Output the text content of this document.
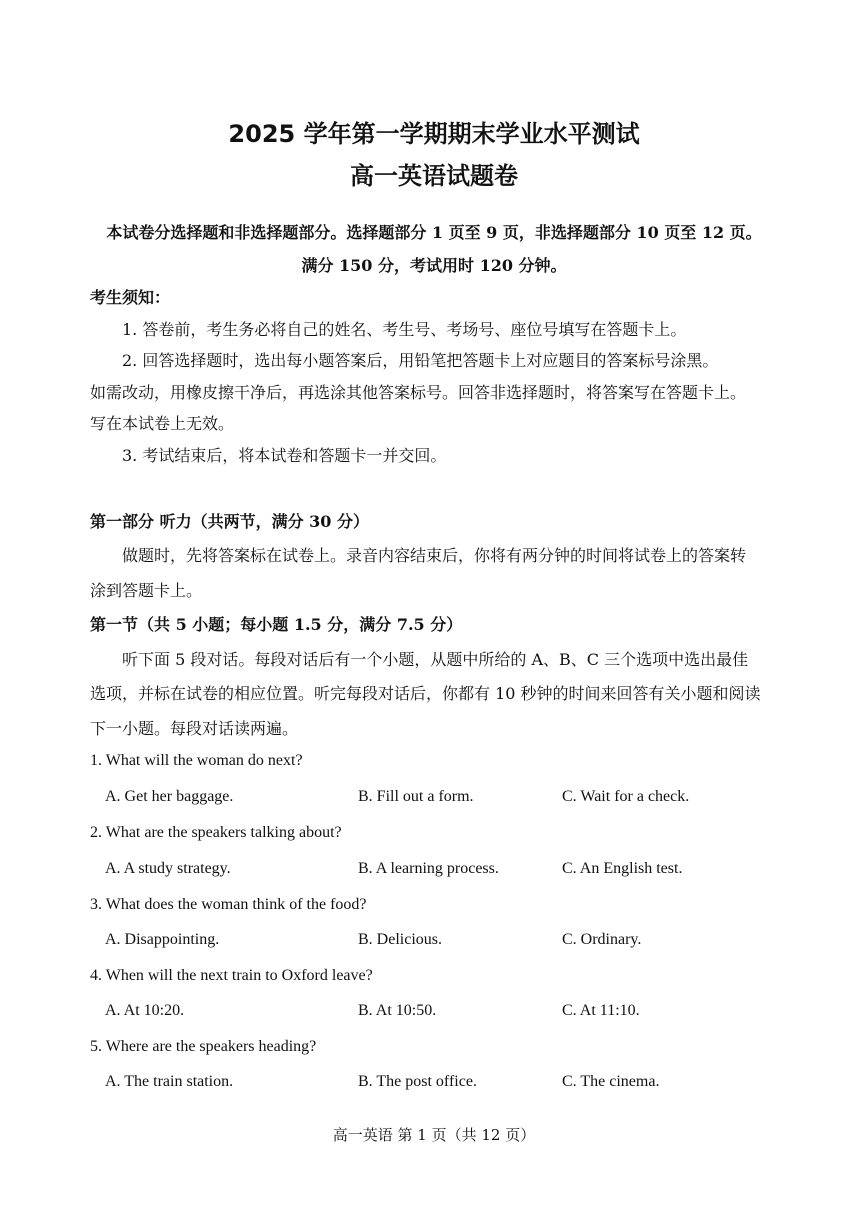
2025 学年第一学期期末学业水平测试
高一英语试题卷
本试卷分选择题和非选择题部分。选择题部分 1 页至 9 页，非选择题部分 10 页至 12 页。
满分 150 分，考试用时 120 分钟。
考生须知：
1. 答卷前，考生务必将自己的姓名、考生号、考场号、座位号填写在答题卡上。
2. 回答选择题时，选出每小题答案后，用铅笔把答题卡上对应题目的答案标号涂黑。
如需改动，用橡皮擦干净后，再选涂其他答案标号。回答非选择题时，将答案写在答题卡上。
写在本试卷上无效。
3. 考试结束后，将本试卷和答题卡一并交回。
第一部分 听力（共两节，满分 30 分）
做题时，先将答案标在试卷上。录音内容结束后，你将有两分钟的时间将试卷上的答案转
涂到答题卡上。
第一节（共 5 小题；每小题 1.5 分，满分 7.5 分）
听下面 5 段对话。每段对话后有一个小题，从题中所给的 A、B、C 三个选项中选出最佳
选项，并标在试卷的相应位置。听完每段对话后，你都有 10 秒钟的时间来回答有关小题和阅读
下一小题。每段对话读两遍。
1. What will the woman do next?
A. Get her baggage.	B. Fill out a form.	C. Wait for a check.
2. What are the speakers talking about?
A. A study strategy.	B. A learning process.	C. An English test.
3. What does the woman think of the food?
A. Disappointing.	B. Delicious.	C. Ordinary.
4. When will the next train to Oxford leave?
A. At 10:20.	B. At 10:50.	C. At 11:10.
5. Where are the speakers heading?
A. The train station.	B. The post office.	C. The cinema.
高一英语 第 1 页（共 12 页）
